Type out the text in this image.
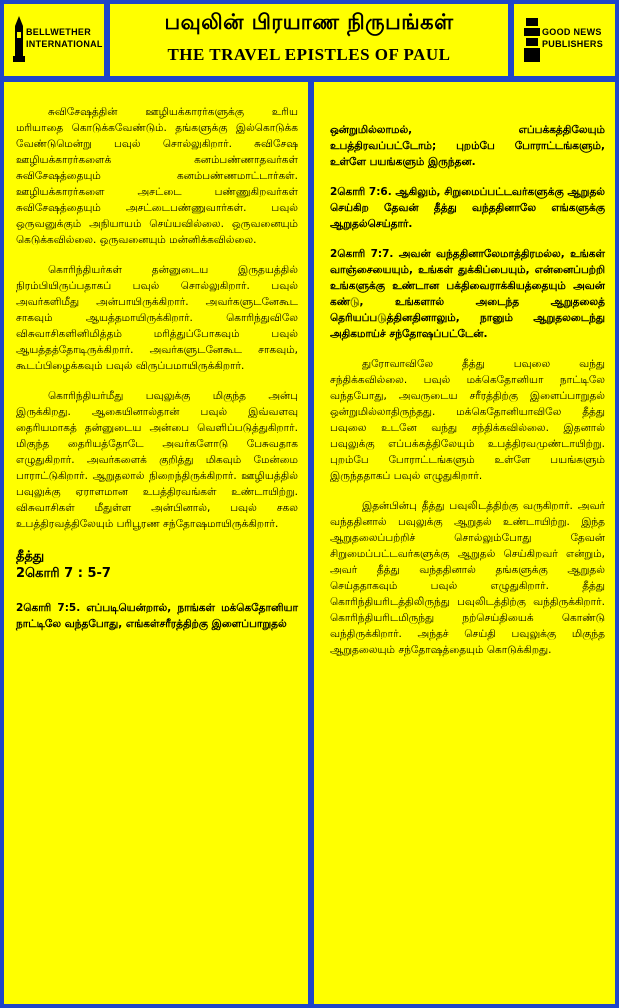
BELLWETHER INTERNATIONAL
பவுலின் பிரயாண நிருபங்கள்
THE TRAVEL EPISTLES OF PAUL
GOOD NEWS PUBLISHERS

சுவிசேஷத்தின் ஊழியக்காரர்களுக்கு உரிய மரியாதை கொடுக்கவேண்டும். தங்களுக்கு இல்கொடுக்க வேண்டுமென்று பவுல் சொல்லுகிறார். சுவிசேஷ ஊழியக்காரர்களைக் கனம்பண்ணாதவர்கள் சுவிசேஷத்தையும் கனம்பண்ணமாட்டார்கள். ஊழியக்காரர்களை அசட்டை பண்ணுகிறவர்கள் சுவிசேஷத்தையும் அசட்டைபண்ணுவார்கள். பவுல் ஒருவனுக்கும் அநியாயம் செய்யவில்லை. ஒருவனையும் கெடுக்கவில்லை. ஒருவனையும் மன்னிக்கவில்லை.

கொரிந்தியர்கள் தன்னுடைய இருதயத்தில் நிரம்பியிருப்பதாகப் பவுல் சொல்லுகிறார். பவுல் அவர்களிமீது அன்பாயிருக்கிறார். அவர்களுடனேகூட சாகவும் ஆயத்தமாயிருக்கிறார். கொரிந்துவிலே விசுவாசிகளினிமித்தம் மரித்துப்போகவும் பவுல் ஆயத்தத்தோடிருக்கிறார். அவர்களுடனேகூட சாகவும், கூடப்பிழைக்கவும் பவுல் விருப்பமாயிருக்கிறார்.

கொரிந்தியர்மீது பவுலுக்கு மிகுந்த அன்பு இருக்கிறது. ஆகையினால்தான் பவுல் இவ்வளவு தைரியமாகத் தன்னுடைய அன்பை வெளிப்படுத்துகிறார். மிகுந்த தைரியத்தோடே அவர்களோடு பேசுவதாக எழுதுகிறார். அவர்களைக் குறித்து மிகவும் மேன்மை பாராட்டுகிறார். ஆறுதலால் நிறைந்திருக்கிறார். ஊழியத்தில் பவுலுக்கு ஏராளமான உபத்திரவங்கள் உண்டாயிற்று. விசுவாசிகள் மீதுள்ள அன்பினால், பவுல் சகல உபத்திரவத்திலேயும் பரிபூரண சந்தோஷமாயிருக்கிறார்.

தீத்து
2கொரி 7 : 5-7

2கொரி 7:5. எப்படியென்றால், நாங்கள் மக்கெதோனியா நாட்டிலே வந்தபோது, எங்கள்சரீரத்திற்கு இளைப்பாறுதல்

ஒன்றுமில்லாமல், எப்பக்கத்திலேயும் உபத்திரவப்பட்டோம்; புறம்பே போராட்டங்களும், உள்ளே பயங்களும் இருந்தன.

2கொரி 7:6. ஆகிலும், சிறுமைப்பட்டவர்களுக்கு ஆறுதல் செய்கிற தேவன் தீத்து வந்ததினாலே எங்களுக்கு ஆறுதல்செய்தார்.

2கொரி 7:7. அவன் வந்ததினாலேமாத்திரமல்ல, உங்கள் வாஞ்சையையும், உங்கள் துக்கிப்பையும், என்னைப்பற்றி உங்களுக்கு உண்டான பக்திவைராக்கியத்தையும் அவன் கண்டு, உங்களால் அடைந்த ஆறுதலைத் தெரியப்படுத்தினதினாலும், நானும் ஆறுதலடைந்து அதிகமாய்ச் சந்தோஷப்பட்டேன்.

துரோவாவிலே தீத்து பவுலை வந்து சந்திக்கவில்லை. பவுல் மக்கெதோனியா நாட்டிலே வந்தபோது, அவருடைய சரீரத்திற்கு இளைப்பாறுதல் ஒன்றுமில்லாதிருந்தது. மக்கெதோனியாவிலே தீத்து பவுலை உடனே வந்து சந்திக்கவில்லை. இதனால் பவுலுக்கு எப்பக்கத்திலேயும் உபத்திரவமுண்டாயிற்று. புறம்பே போராட்டங்களும் உள்ளே பயங்களும் இருந்ததாகப் பவுல் எழுதுகிறார்.

இதன்பின்பு தீத்து பவுலிடத்திற்கு வருகிறார். அவர் வந்ததினால் பவுலுக்கு ஆறுதல் உண்டாயிற்று. இந்த ஆறுதலைப்பற்றிச் சொல்லும்போது தேவன் சிறுமைப்பட்டவர்களுக்கு ஆறுதல் செய்கிறவர் என்றும், அவர் தீத்து வந்ததினால் தங்களுக்கு ஆறுதல் செய்ததாகவும் பவுல் எழுதுகிறார். தீத்து கொரிந்தியரிடத்திலிருந்து பவுலிடத்திற்கு வந்திருக்கிறார். கொரிந்தியரிடமிருந்து நற்செய்தியைக் கொண்டு வந்திருக்கிறார். அந்தச் செய்தி பவுலுக்கு மிகுந்த ஆறுதலையும் சந்தோஷத்தையும் கொடுக்கிறது.
